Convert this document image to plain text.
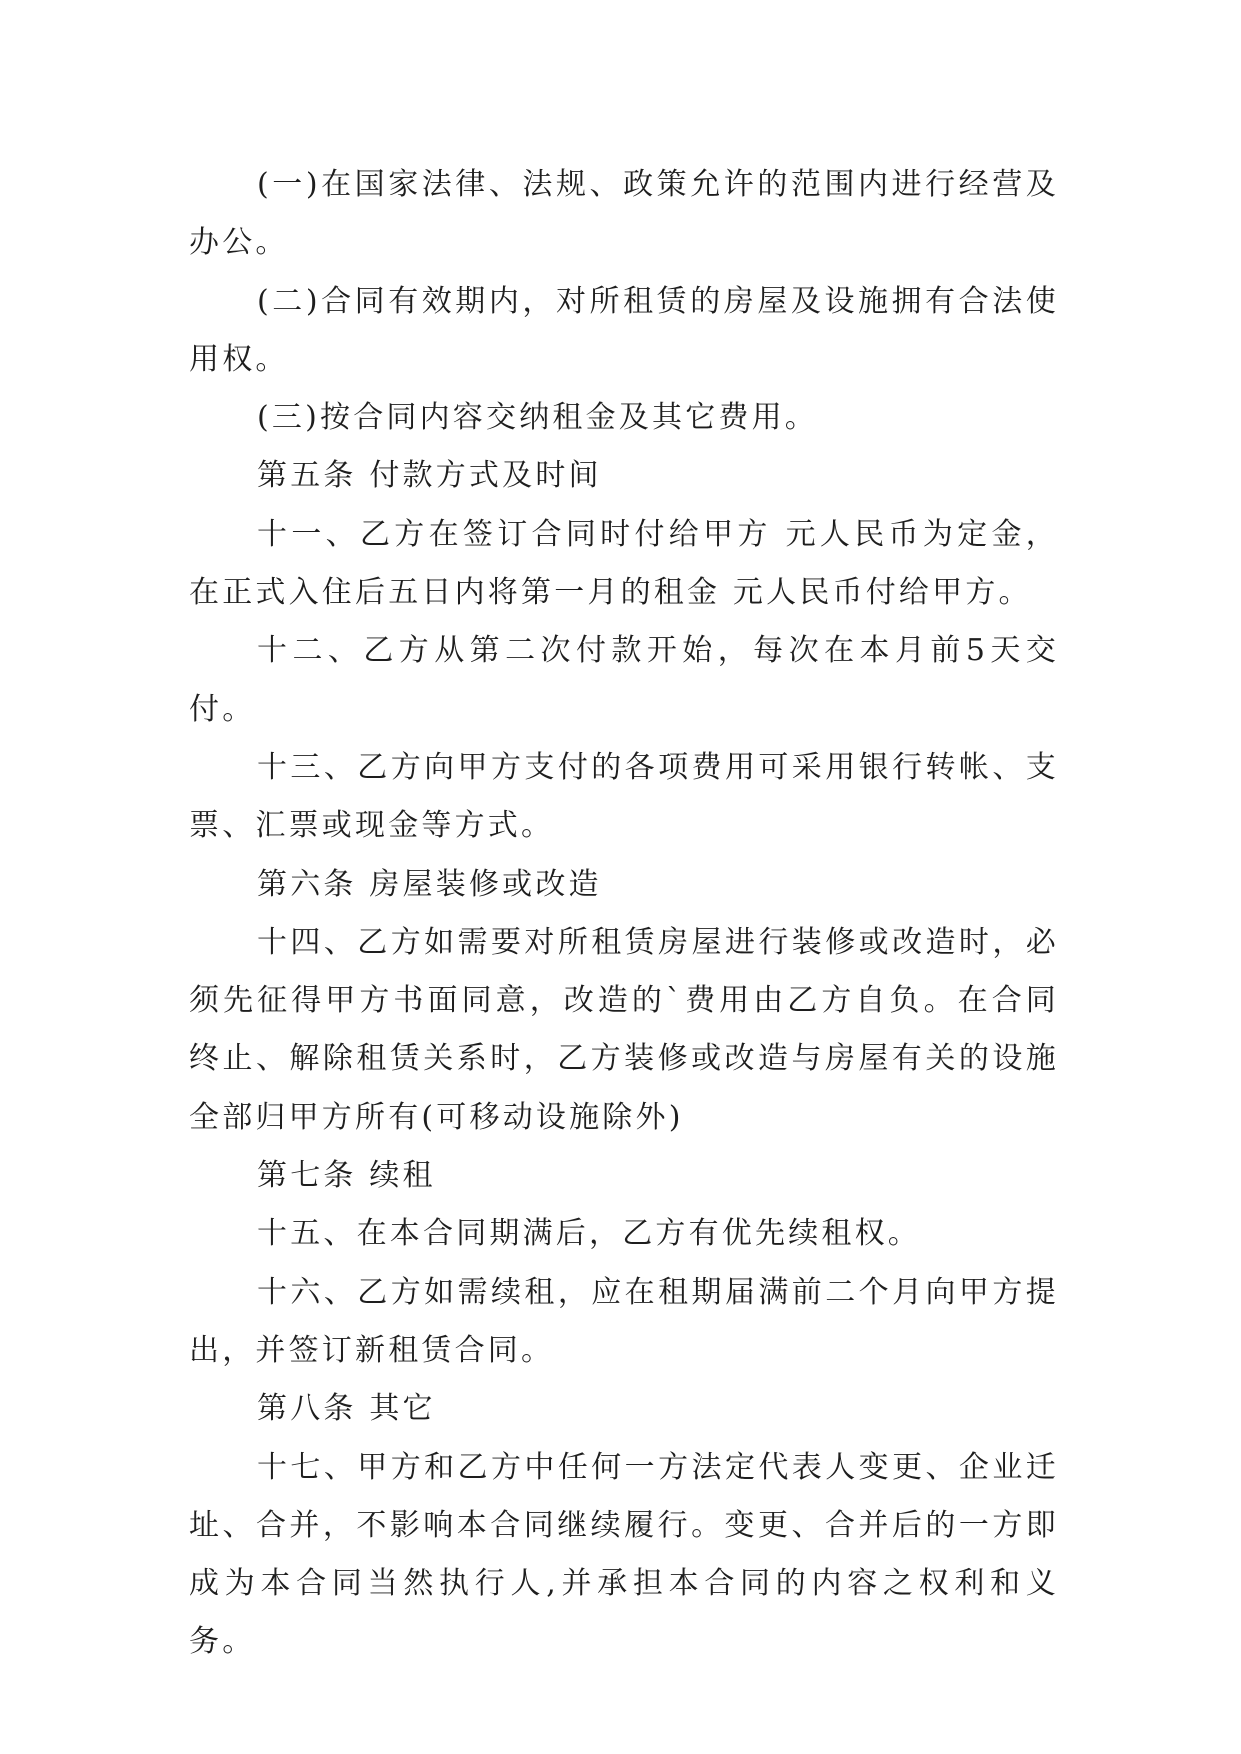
(一)在国家法律、法规、政策允许的范围内进行经营及办公。

(二)合同有效期内，对所租赁的房屋及设施拥有合法使用权。

(三)按合同内容交纳租金及其它费用。

第五条 付款方式及时间

十一、乙方在签订合同时付给甲方 元人民币为定金，在正式入住后五日内将第一月的租金 元人民币付给甲方。

十二、乙方从第二次付款开始，每次在本月前5天交付。

十三、乙方向甲方支付的各项费用可采用银行转帐、支票、汇票或现金等方式。

第六条 房屋装修或改造

十四、乙方如需要对所租赁房屋进行装修或改造时，必须先征得甲方书面同意，改造的`费用由乙方自负。在合同终止、解除租赁关系时，乙方装修或改造与房屋有关的设施全部归甲方所有(可移动设施除外)

第七条 续租

十五、在本合同期满后，乙方有优先续租权。

十六、乙方如需续租，应在租期届满前二个月向甲方提出，并签订新租赁合同。

第八条 其它

十七、甲方和乙方中任何一方法定代表人变更、企业迁址、合并，不影响本合同继续履行。变更、合并后的一方即成为本合同当然执行人,并承担本合同的内容之权利和义务。
